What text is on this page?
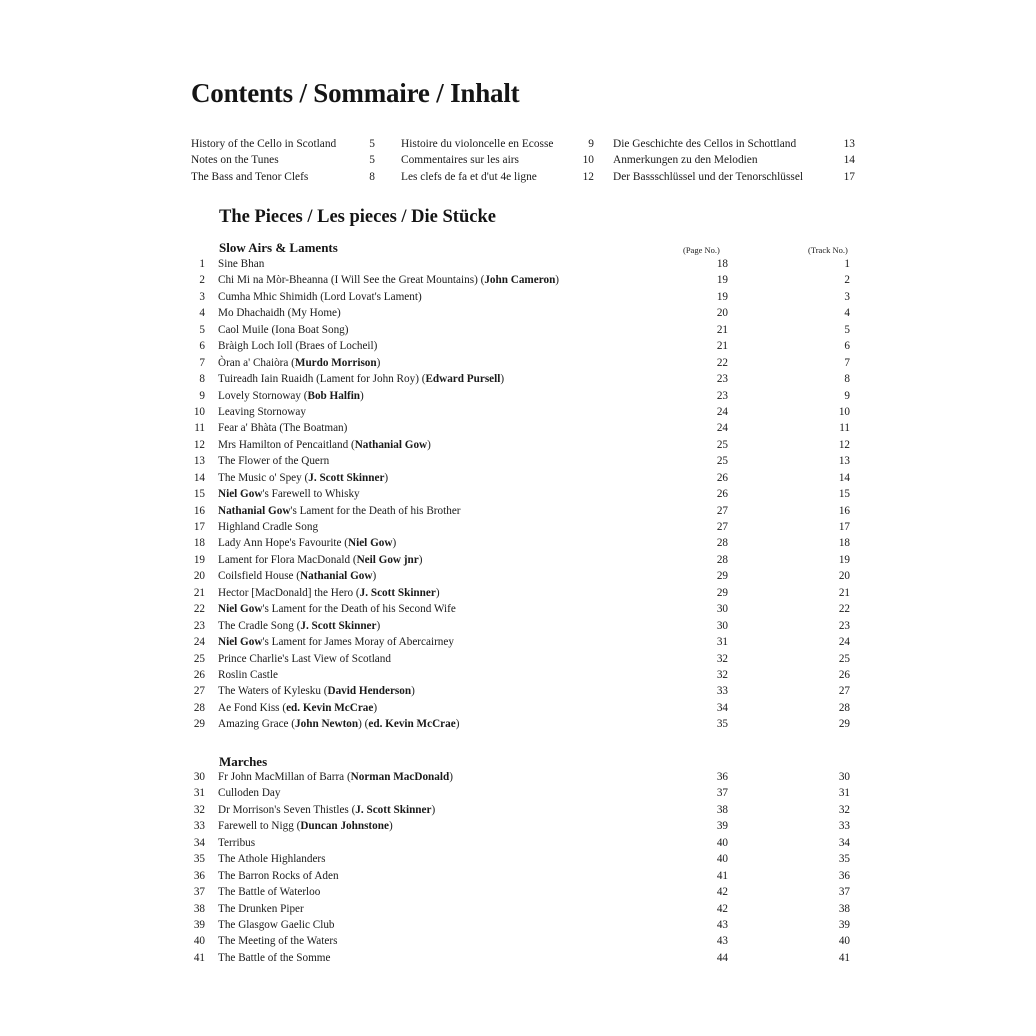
Contents / Sommaire / Inhalt
History of the Cello in Scotland	5
Notes on the Tunes	5
The Bass and Tenor Clefs	8
Histoire du violoncelle en Ecosse	9
Commentaires sur les airs	10
Les clefs de fa et d'ut 4e ligne	12
Die Geschichte des Cellos in Schottland	13
Anmerkungen zu den Melodien	14
Der Bassschlüssel und der Tenorschlüssel	17
The Pieces / Les pieces / Die Stücke
(Page No.)	(Track No.)
Slow Airs & Laments
1 Sine Bhan	18	1
2 Chi Mi na Mòr-Bheanna (I Will See the Great Mountains) (John Cameron)	19	2
3 Cumha Mhic Shimidh (Lord Lovat's Lament)	19	3
4 Mo Dhachaidh (My Home)	20	4
5 Caol Muile (Iona Boat Song)	21	5
6 Bràigh Loch Ioll (Braes of Locheil)	21	6
7 Òran a' Chaiòra (Murdo Morrison)	22	7
8 Tuireadh Iain Ruaidh (Lament for John Roy) (Edward Pursell)	23	8
9 Lovely Stornoway (Bob Halfin)	23	9
10 Leaving Stornoway	24	10
11 Fear a' Bhàta (The Boatman)	24	11
12 Mrs Hamilton of Pencaitland (Nathanial Gow)	25	12
13 The Flower of the Quern	25	13
14 The Music o' Spey (J. Scott Skinner)	26	14
15 Niel Gow's Farewell to Whisky	26	15
16 Nathanial Gow's Lament for the Death of his Brother	27	16
17 Highland Cradle Song	27	17
18 Lady Ann Hope's Favourite (Niel Gow)	28	18
19 Lament for Flora MacDonald (Neil Gow jnr)	28	19
20 Coilsfield House (Nathanial Gow)	29	20
21 Hector [MacDonald] the Hero (J. Scott Skinner)	29	21
22 Niel Gow's Lament for the Death of his Second Wife	30	22
23 The Cradle Song (J. Scott Skinner)	30	23
24 Niel Gow's Lament for James Moray of Abercairney	31	24
25 Prince Charlie's Last View of Scotland	32	25
26 Roslin Castle	32	26
27 The Waters of Kylesku (David Henderson)	33	27
28 Ae Fond Kiss (ed. Kevin McCrae)	34	28
29 Amazing Grace (John Newton) (ed. Kevin McCrae)	35	29
Marches
30 Fr John MacMillan of Barra (Norman MacDonald)	36	30
31 Culloden Day	37	31
32 Dr Morrison's Seven Thistles (J. Scott Skinner)	38	32
33 Farewell to Nigg (Duncan Johnstone)	39	33
34 Terribus	40	34
35 The Athole Highlanders	40	35
36 The Barron Rocks of Aden	41	36
37 The Battle of Waterloo	42	37
38 The Drunken Piper	42	38
39 The Glasgow Gaelic Club	43	39
40 The Meeting of the Waters	43	40
41 The Battle of the Somme	44	41
